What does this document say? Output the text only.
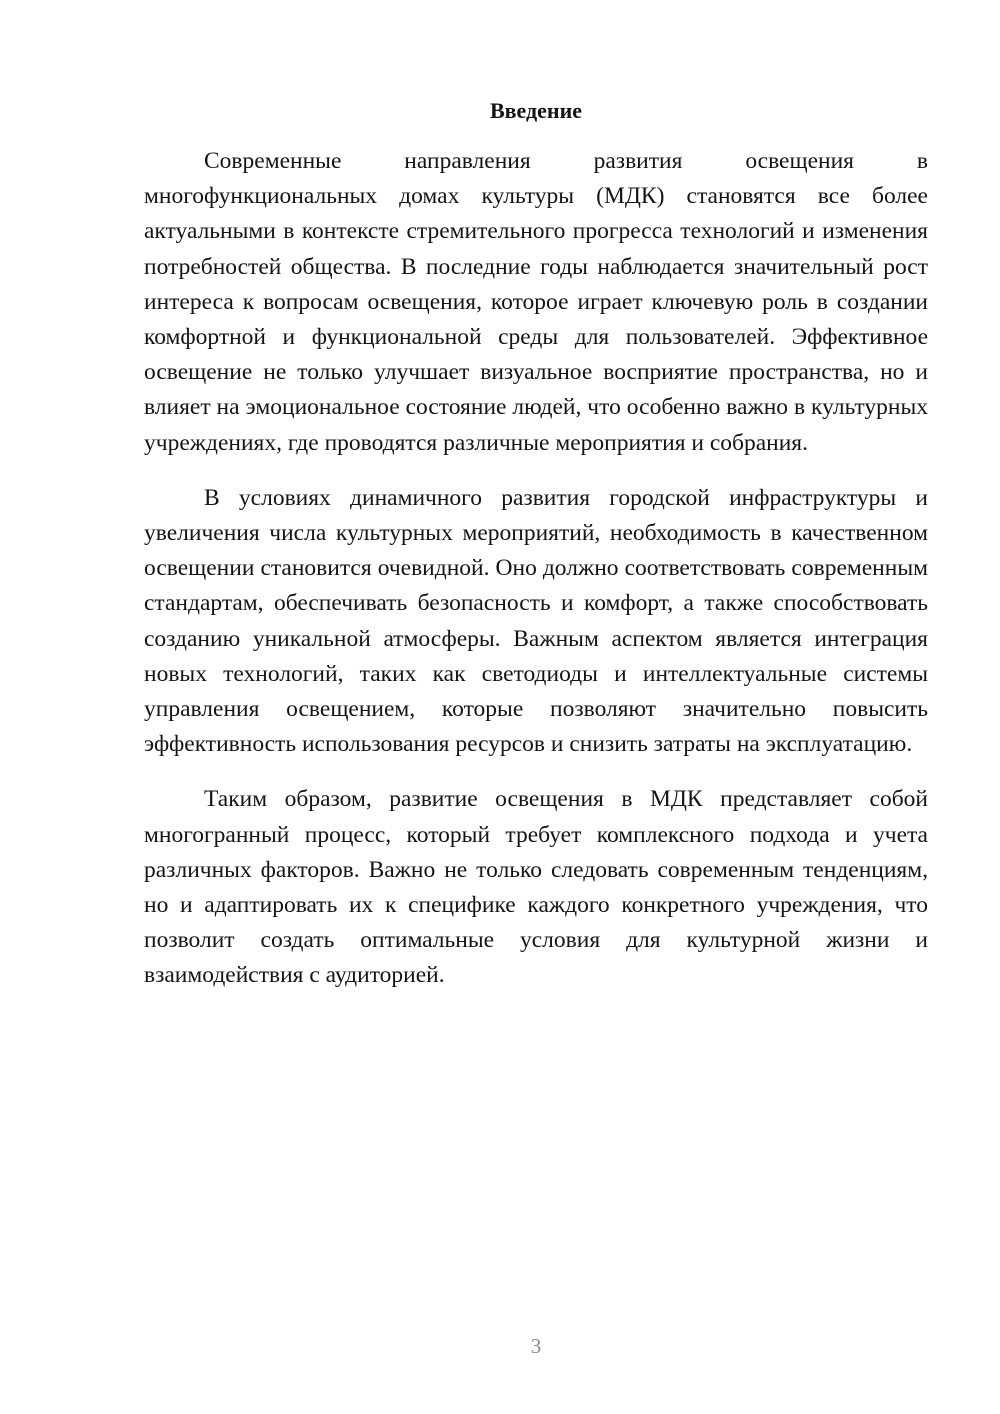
Введение

Современные направления развития освещения в многофункциональных домах культуры (МДК) становятся все более актуальными в контексте стремительного прогресса технологий и изменения потребностей общества. В последние годы наблюдается значительный рост интереса к вопросам освещения, которое играет ключевую роль в создании комфортной и функциональной среды для пользователей. Эффективное освещение не только улучшает визуальное восприятие пространства, но и влияет на эмоциональное состояние людей, что особенно важно в культурных учреждениях, где проводятся различные мероприятия и собрания.

В условиях динамичного развития городской инфраструктуры и увеличения числа культурных мероприятий, необходимость в качественном освещении становится очевидной. Оно должно соответствовать современным стандартам, обеспечивать безопасность и комфорт, а также способствовать созданию уникальной атмосферы. Важным аспектом является интеграция новых технологий, таких как светодиоды и интеллектуальные системы управления освещением, которые позволяют значительно повысить эффективность использования ресурсов и снизить затраты на эксплуатацию.

Таким образом, развитие освещения в МДК представляет собой многогранный процесс, который требует комплексного подхода и учета различных факторов. Важно не только следовать современным тенденциям, но и адаптировать их к специфике каждого конкретного учреждения, что позволит создать оптимальные условия для культурной жизни и взаимодействия с аудиторией.

3
